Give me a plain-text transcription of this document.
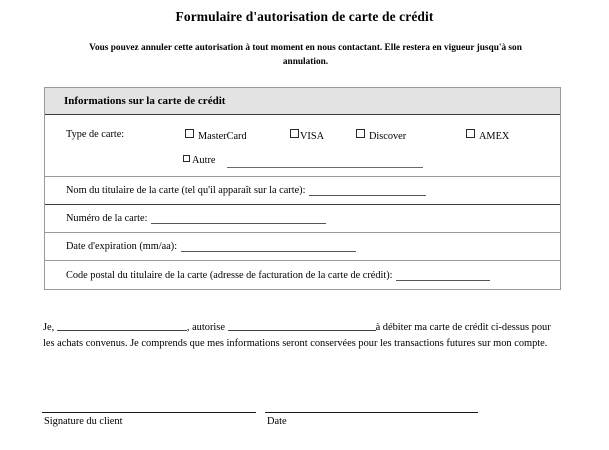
Formulaire d'autorisation de carte de crédit
Vous pouvez annuler cette autorisation à tout moment en nous contactant. Elle restera en vigueur jusqu'à son annulation.
Informations sur la carte de crédit
Type de carte:	MasterCard	VISA	Discover	AMEX
Autre
Nom du titulaire de la carte (tel qu'il apparaît sur la carte):
Numéro de la carte:
Date d'expiration (mm/aa):
Code postal du titulaire de la carte (adresse de facturation de la carte de crédit):
Je,	, autorise	à débiter ma carte de crédit ci-dessus pour les achats convenus. Je comprends que mes informations seront conservées pour les transactions futures sur mon compte.
Signature du client	Date
